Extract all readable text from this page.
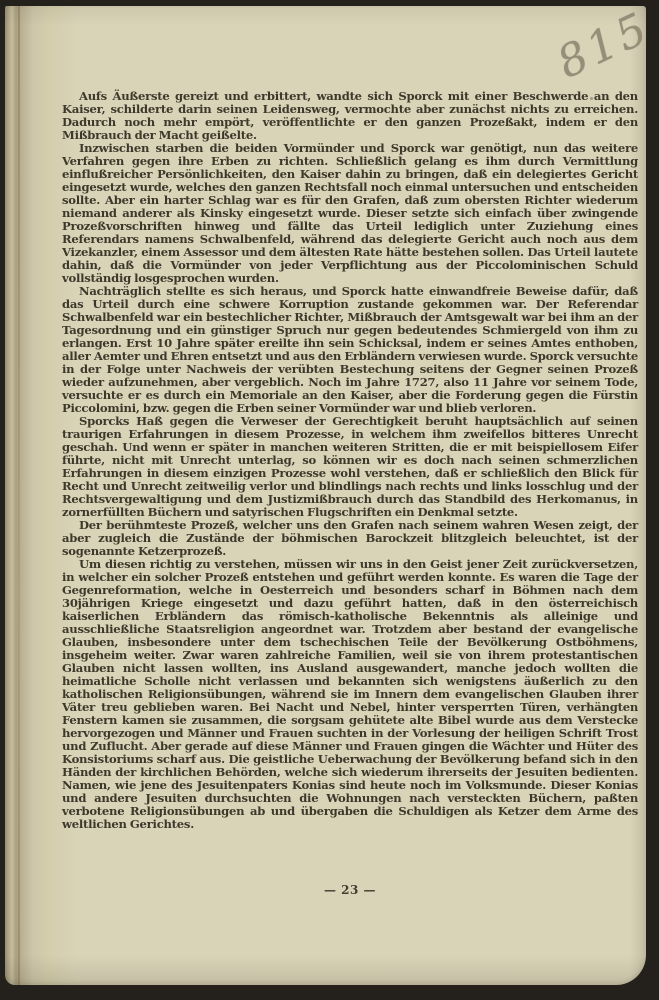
815

Aufs Äußerste gereizt und erbittert, wandte sich Sporck mit einer Beschwerde an den Kaiser, schilderte darin seinen Leidensweg, vermochte aber zunächst nichts zu erreichen. Dadurch noch mehr empört, veröffentlichte er den ganzen Prozeßakt, indem er den Mißbrauch der Macht geißelte.

Inzwischen starben die beiden Vormünder und Sporck war genötigt, nun das weitere Verfahren gegen ihre Erben zu richten. Schließlich gelang es ihm durch Vermittlung einflußreicher Persönlichkeiten, den Kaiser dahin zu bringen, daß ein delegiertes Gericht eingesetzt wurde, welches den ganzen Rechtsfall noch einmal untersuchen und entscheiden sollte. Aber ein harter Schlag war es für den Grafen, daß zum obersten Richter wiederum niemand anderer als Kinsky eingesetzt wurde. Dieser setzte sich einfach über zwingende Prozeßvorschriften hinweg und fällte das Urteil lediglich unter Zuziehung eines Referendars namens Schwalbenfeld, während das delegierte Gericht auch noch aus dem Vizekanzler, einem Assessor und dem ältesten Rate hätte bestehen sollen. Das Urteil lautete dahin, daß die Vormünder von jeder Verpflichtung aus der Piccolominischen Schuld vollständig losgesprochen wurden.

Nachträglich stellte es sich heraus, und Sporck hatte einwandfreie Beweise dafür, daß das Urteil durch eine schwere Korruption zustande gekommen war. Der Referendar Schwalbenfeld war ein bestechlicher Richter, Mißbrauch der Amtsgewalt war bei ihm an der Tagesordnung und ein günstiger Spruch nur gegen bedeutendes Schmiergeld von ihm zu erlangen. Erst 10 Jahre später ereilte ihn sein Schicksal, indem er seines Amtes enthoben, aller Aemter und Ehren entsetzt und aus den Erbländern verwiesen wurde. Sporck versuchte in der Folge unter Nachweis der verübten Bestechung seitens der Gegner seinen Prozeß wieder aufzunehmen, aber vergeblich. Noch im Jahre 1727, also 11 Jahre vor seinem Tode, versuchte er es durch ein Memoriale an den Kaiser, aber die Forderung gegen die Fürstin Piccolomini, bzw. gegen die Erben seiner Vormünder war und blieb verloren.

Sporcks Haß gegen die Verweser der Gerechtigkeit beruht hauptsächlich auf seinen traurigen Erfahrungen in diesem Prozesse, in welchem ihm zweifellos bitteres Unrecht geschah. Und wenn er später in manchen weiteren Stritten, die er mit beispiellosem Eifer führte, nicht mit Unrecht unterlag, so können wir es doch nach seinen schmerzlichen Erfahrungen in diesem einzigen Prozesse wohl verstehen, daß er schließlich den Blick für Recht und Unrecht zeitweilig verlor und blindlings nach rechts und links losschlug und der Rechtsvergewaltigung und dem Justizmißbrauch durch das Standbild des Herkomanus, in zornerfüllten Büchern und satyrischen Flugschriften ein Denkmal setzte.

Der berühmteste Prozeß, welcher uns den Grafen nach seinem wahren Wesen zeigt, der aber zugleich die Zustände der böhmischen Barockzeit blitzgleich beleuchtet, ist der sogenannte Ketzerprozeß.

Um diesen richtig zu verstehen, müssen wir uns in den Geist jener Zeit zurückversetzen, in welcher ein solcher Prozeß entstehen und geführt werden konnte. Es waren die Tage der Gegenreformation, welche in Oesterreich und besonders scharf in Böhmen nach dem 30jährigen Kriege eingesetzt und dazu geführt hatten, daß in den österreichisch kaiserlichen Erbländern das römisch-katholische Bekenntnis als alleinige und ausschließliche Staatsreligion angeordnet war. Trotzdem aber bestand der evangelische Glauben, insbesondere unter dem tschechischen Teile der Bevölkerung Ostböhmens, insgeheim weiter. Zwar waren zahlreiche Familien, weil sie von ihrem protestantischen Glauben nicht lassen wollten, ins Ausland ausgewandert, manche jedoch wollten die heimatliche Scholle nicht verlassen und bekannten sich wenigstens äußerlich zu den katholischen Religionsübungen, während sie im Innern dem evangelischen Glauben ihrer Väter treu geblieben waren. Bei Nacht und Nebel, hinter versperrten Türen, verhängten Fenstern kamen sie zusammen, die sorgsam gehütete alte Bibel wurde aus dem Verstecke hervorgezogen und Männer und Frauen suchten in der Vorlesung der heiligen Schrift Trost und Zuflucht. Aber gerade auf diese Männer und Frauen gingen die Wächter und Hüter des Konsistoriums scharf aus. Die geistliche Ueberwachung der Bevölkerung befand sich in den Händen der kirchlichen Behörden, welche sich wiederum ihrerseits der Jesuiten bedienten. Namen, wie jene des Jesuitenpaters Konias sind heute noch im Volksmunde. Dieser Konias und andere Jesuiten durchsuchten die Wohnungen nach versteckten Büchern, paßten verbotene Religionsübungen ab und übergaben die Schuldigen als Ketzer dem Arme des weltlichen Gerichtes.

— 23 —
